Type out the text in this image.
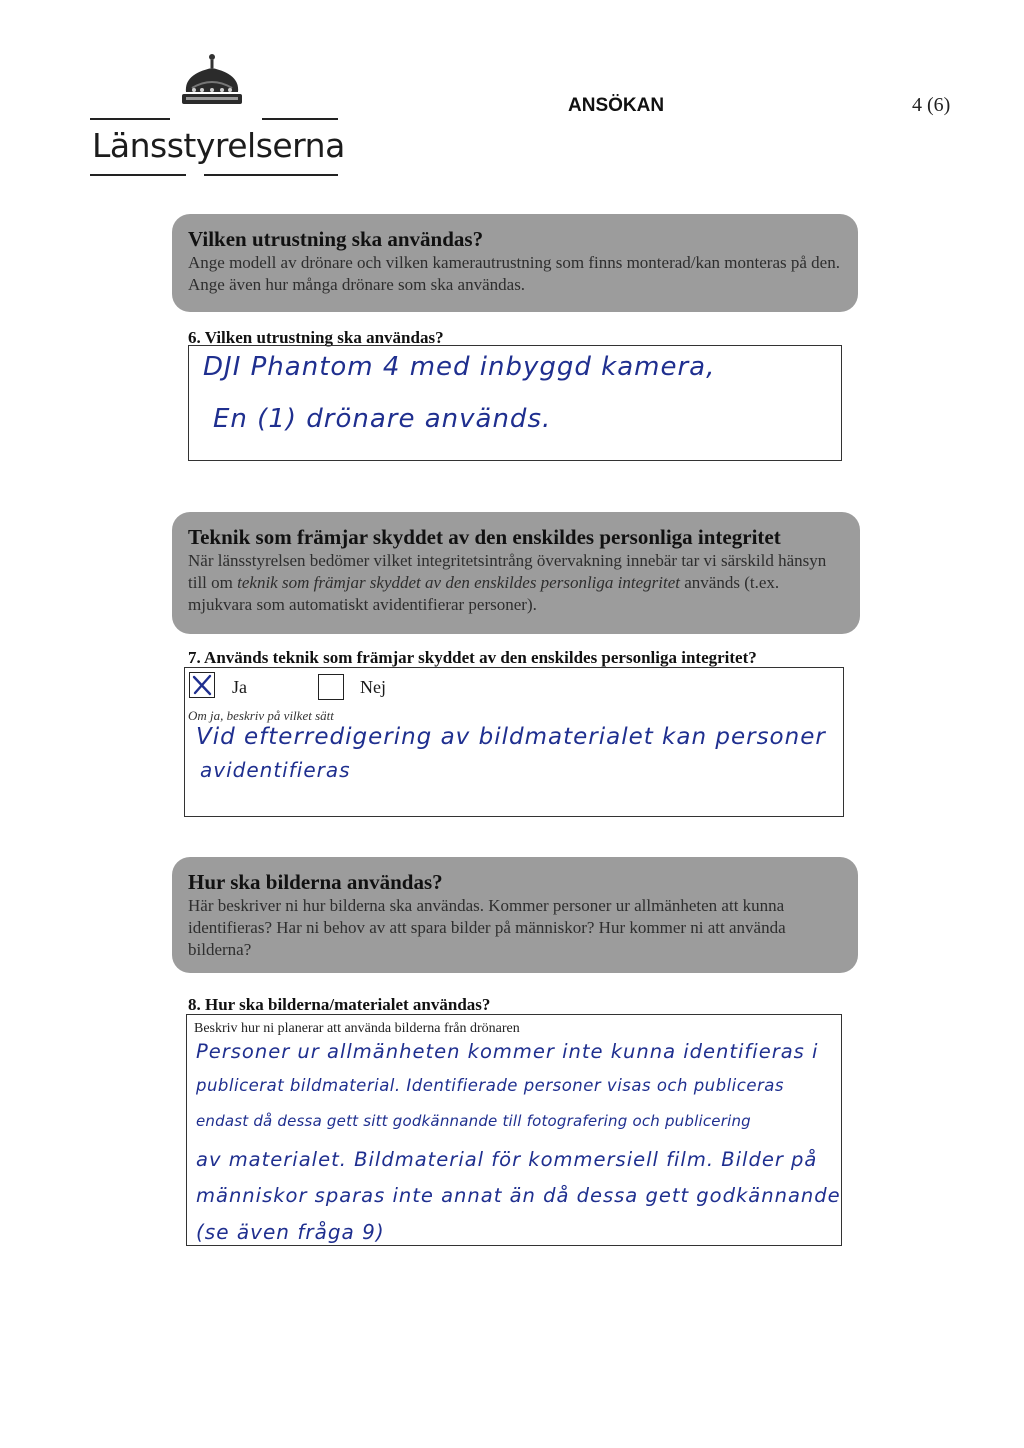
Länsstyrelserna
ANSÖKAN	4 (6)
Vilken utrustning ska användas?
Ange modell av drönare och vilken kamerautrustning som finns monterad/kan monteras på den. Ange även hur många drönare som ska användas.
6. Vilken utrustning ska användas?
DJI Phantom 4 med inbyggd kamera,
En (1) drönare används.
Teknik som främjar skyddet av den enskildes personliga integritet
När länsstyrelsen bedömer vilket integritetsintrång övervakning innebär tar vi särskild hänsyn till om teknik som främjar skyddet av den enskildes personliga integritet används (t.ex. mjukvara som automatiskt avidentifierar personer).
7. Används teknik som främjar skyddet av den enskildes personliga integritet?
Ja	Nej
Om ja, beskriv på vilket sätt
Vid efterredigering av bildmaterialet kan personer
avidentifieras
Hur ska bilderna användas?
Här beskriver ni hur bilderna ska användas. Kommer personer ur allmänheten att kunna identifieras? Har ni behov av att spara bilder på människor? Hur kommer ni att använda bilderna?
8. Hur ska bilderna/materialet användas?
Beskriv hur ni planerar att använda bilderna från drönaren
Personer ur allmänheten kommer inte kunna identifieras i
publicerat bildmaterial. Identifierade personer visas och publiceras
endast då dessa gett sitt godkännande till fotografering och publicering
av materialet. Bildmaterial för kommersiell film. Bilder på
människor sparas inte annat än då dessa gett godkännande
(se även fråga 9)
